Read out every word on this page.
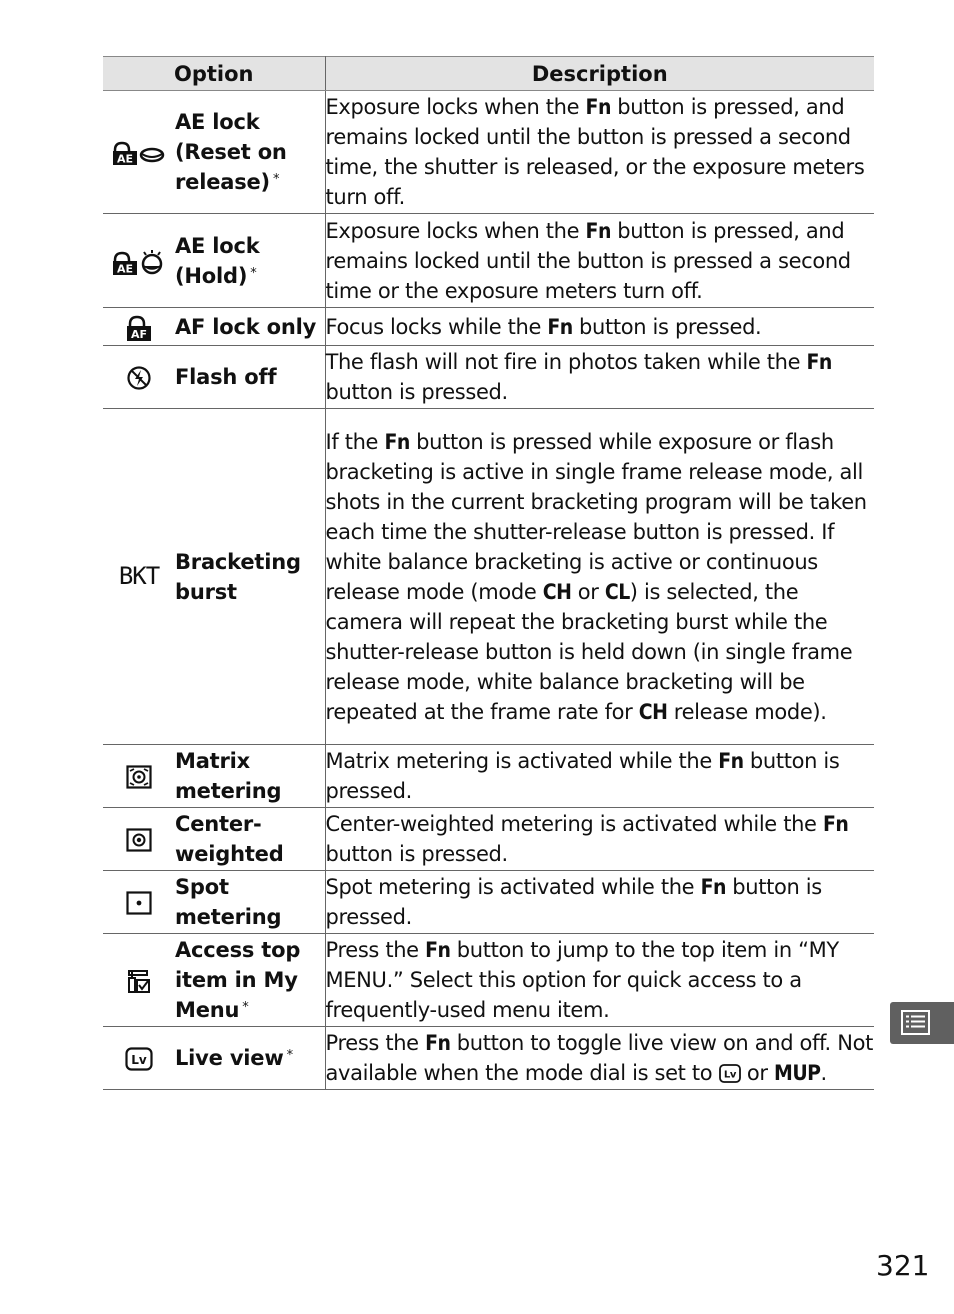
Option		Description

AE	AE lock (Reset on release) *	Exposure locks when the Fn button is pressed, and remains locked until the button is pressed a second time, the shutter is released, or the exposure meters turn off.

AE	AE lock (Hold) *	Exposure locks when the Fn button is pressed, and remains locked until the button is pressed a second time or the exposure meters turn off.

AF	AF lock only	Focus locks while the Fn button is pressed.
	Flash off	The flash will not fire in photos taken while the Fn button is pressed.
BKT	Bracketing burst	If the Fn button is pressed while exposure or flash bracketing is active in single frame release mode, all shots in the current bracketing program will be taken each time the shutter-release button is pressed. If white balance bracketing is active or continuous release mode (mode CH or CL) is selected, the camera will repeat the bracketing burst while the shutter-release button is held down (in single frame release mode, white balance bracketing will be repeated at the frame rate for CH release mode).
	Matrix metering	Matrix metering is activated while the Fn button is pressed.
	Center-weighted	Center-weighted metering is activated while the Fn button is pressed.
	Spot metering	Spot metering is activated while the Fn button is pressed.
	Access top item in My Menu *	Press the Fn button to jump to the top item in “MY MENU.” Select this option for quick access to a frequently-used menu item.

Lv	Live view *	Press the Fn button to toggle live view on and off. Not available when the mode dial is set to Lv or MUP.
321
